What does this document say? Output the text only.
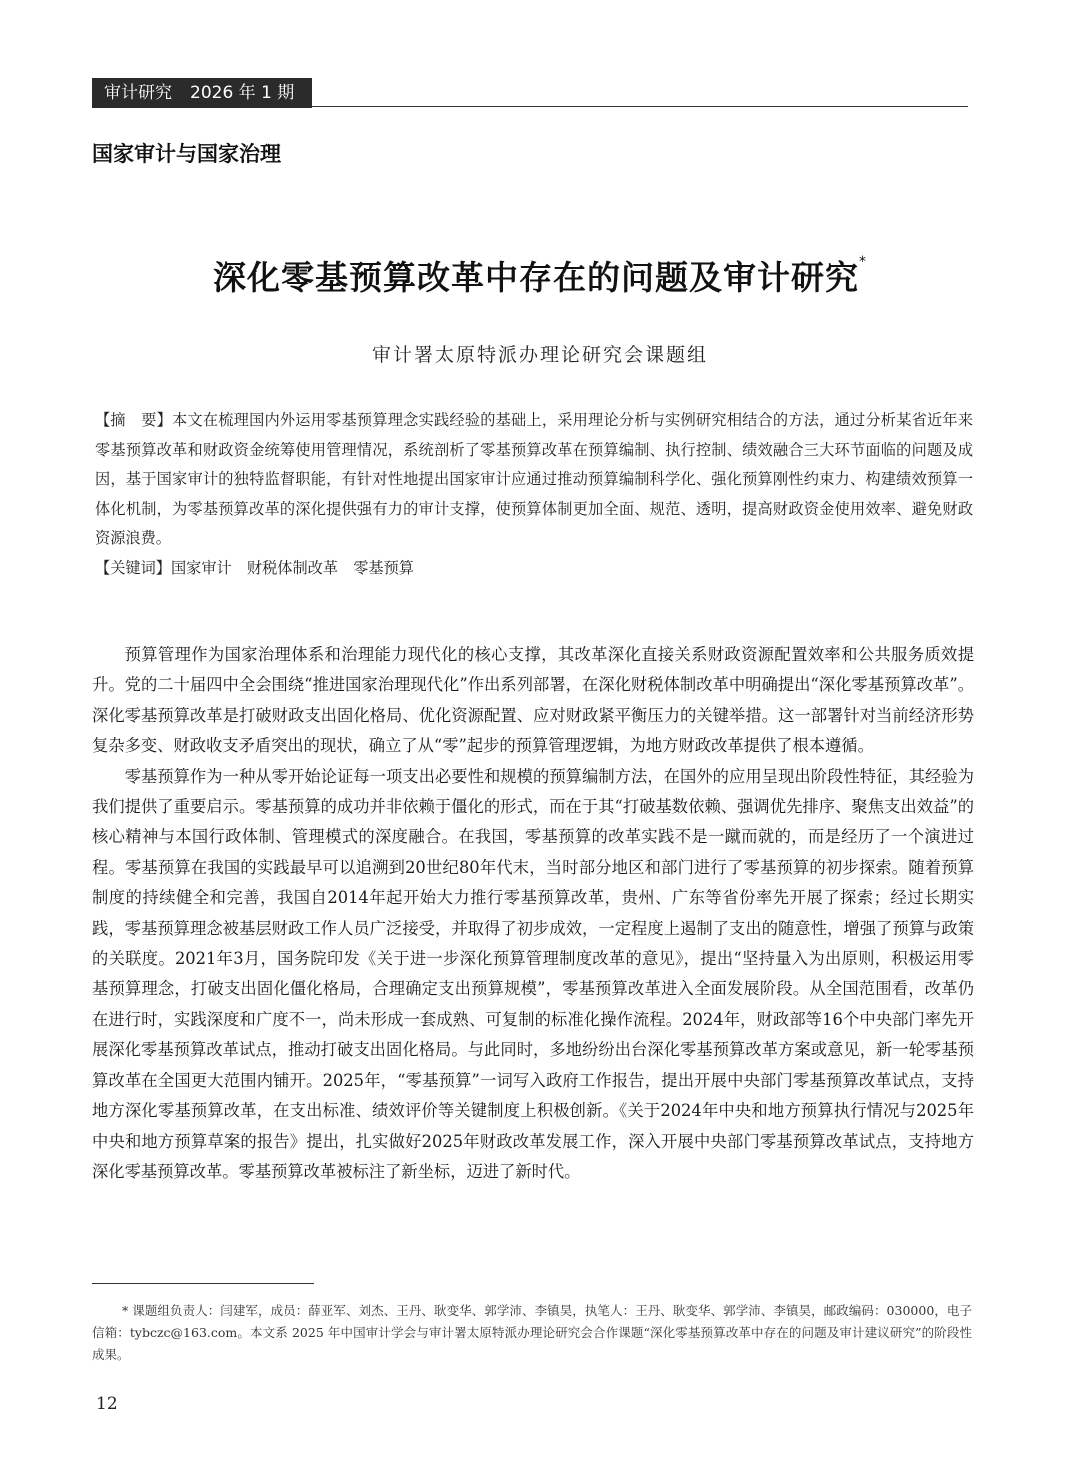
审计研究 2026 年 1 期
国家审计与国家治理
深化零基预算改革中存在的问题及审计研究*
审计署太原特派办理论研究会课题组

【摘　要】本文在梳理国内外运用零基预算理念实践经验的基础上，采用理论分析与实例研究相结合的方法，通过分析某省近年来零基预算改革和财政资金统筹使用管理情况，系统剖析了零基预算改革在预算编制、执行控制、绩效融合三大环节面临的问题及成因，基于国家审计的独特监督职能，有针对性地提出国家审计应通过推动预算编制科学化、强化预算刚性约束力、构建绩效预算一体化机制，为零基预算改革的深化提供强有力的审计支撑，使预算体制更加全面、规范、透明，提高财政资金使用效率、避免财政资源浪费。

【关键词】国家审计　财税体制改革　零基预算

预算管理作为国家治理体系和治理能力现代化的核心支撑，其改革深化直接关系财政资源配置效率和公共服务质效提升。党的二十届四中全会围绕“推进国家治理现代化”作出系列部署，在深化财税体制改革中明确提出“深化零基预算改革”。深化零基预算改革是打破财政支出固化格局、优化资源配置、应对财政紧平衡压力的关键举措。这一部署针对当前经济形势复杂多变、财政收支矛盾突出的现状，确立了从“零”起步的预算管理逻辑，为地方财政改革提供了根本遵循。

零基预算作为一种从零开始论证每一项支出必要性和规模的预算编制方法，在国外的应用呈现出阶段性特征，其经验为我们提供了重要启示。零基预算的成功并非依赖于僵化的形式，而在于其“打破基数依赖、强调优先排序、聚焦支出效益”的核心精神与本国行政体制、管理模式的深度融合。在我国，零基预算的改革实践不是一蹴而就的，而是经历了一个演进过程。零基预算在我国的实践最早可以追溯到20世纪80年代末，当时部分地区和部门进行了零基预算的初步探索。随着预算制度的持续健全和完善，我国自2014年起开始大力推行零基预算改革，贵州、广东等省份率先开展了探索；经过长期实践，零基预算理念被基层财政工作人员广泛接受，并取得了初步成效，一定程度上遏制了支出的随意性，增强了预算与政策的关联度。2021年3月，国务院印发《关于进一步深化预算管理制度改革的意见》，提出“坚持量入为出原则，积极运用零基预算理念，打破支出固化僵化格局，合理确定支出预算规模”，零基预算改革进入全面发展阶段。从全国范围看，改革仍在进行时，实践深度和广度不一，尚未形成一套成熟、可复制的标准化操作流程。2024年，财政部等16个中央部门率先开展深化零基预算改革试点，推动打破支出固化格局。与此同时，多地纷纷出台深化零基预算改革方案或意见，新一轮零基预算改革在全国更大范围内铺开。2025年，“零基预算”一词写入政府工作报告，提出开展中央部门零基预算改革试点，支持地方深化零基预算改革，在支出标准、绩效评价等关键制度上积极创新。《关于2024年中央和地方预算执行情况与2025年中央和地方预算草案的报告》提出，扎实做好2025年财政改革发展工作，深入开展中央部门零基预算改革试点，支持地方深化零基预算改革。零基预算改革被标注了新坐标，迈进了新时代。

* 课题组负责人：闫建军，成员：薛亚军、刘杰、王丹、耿变华、郭学沛、李镇昊，执笔人：王丹、耿变华、郭学沛、李镇昊，邮政编码：030000，电子信箱：tybczc@163.com。本文系 2025 年中国审计学会与审计署太原特派办理论研究会合作课题“深化零基预算改革中存在的问题及审计建议研究”的阶段性成果。

12
